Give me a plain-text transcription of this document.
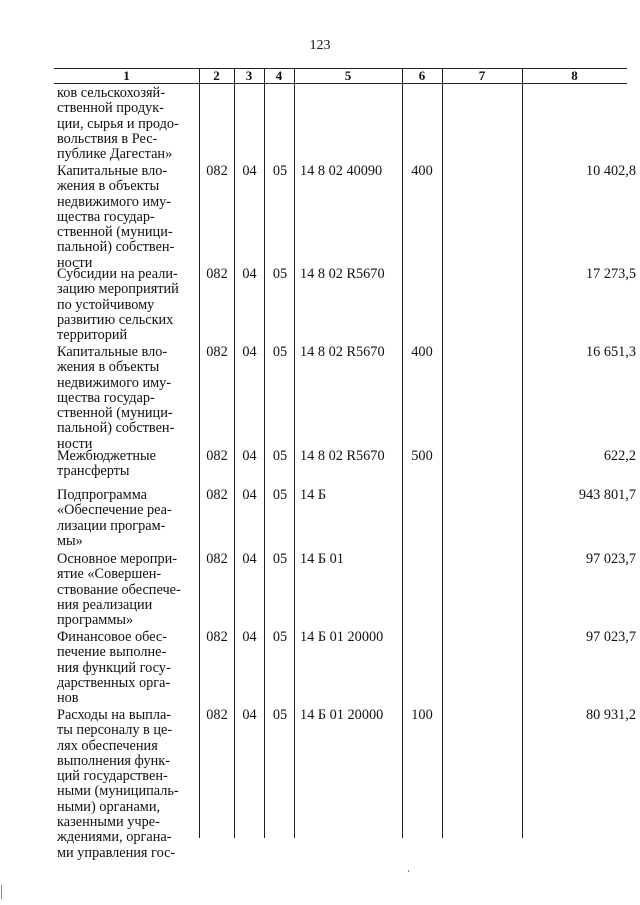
123
1	2	3	4	5	6	7	8
ков сельскохозяй-
ственной продук-
ции, сырья и продо-
вольствия в Рес-
публике Дагестан»
Капитальные вло-
жения в объекты
недвижимого иму-
щества государ-
ственной (муници-
пальной) собствен-
ности
082	04	05 14 8 02 40090	400	10 402,8
Субсидии на реали-
зацию мероприятий
по устойчивому
развитию сельских
территорий
082	04	05 14 8 02 R5670	17 273,5
Капитальные вло-
жения в объекты
недвижимого иму-
щества государ-
ственной (муници-
пальной) собствен-
ности
082	04	05 14 8 02 R5670	400	16 651,3
Межбюджетные
трансферты
082	04	05 14 8 02 R5670	500	622,2
Подпрограмма
«Обеспечение реа-
лизации програм-
мы»
082	04	05 14 Б	943 801,7
Основное меропри-
ятие «Совершен-
ствование обеспече-
ния реализации
программы»
082	04	05 14 Б 01	97 023,7
Финансовое обес-
печение выполне-
ния функций госу-
дарственных орга-
нов
082	04	05 14 Б 01 20000	97 023,7
Расходы на выпла-
ты персоналу в це-
лях обеспечения
выполнения функ-
ций государствен-
ными (муниципаль-
ными) органами,
казенными учре-
ждениями, органа-
ми управления гос-
082	04	05 14 Б 01 20000	100	80 931,2
